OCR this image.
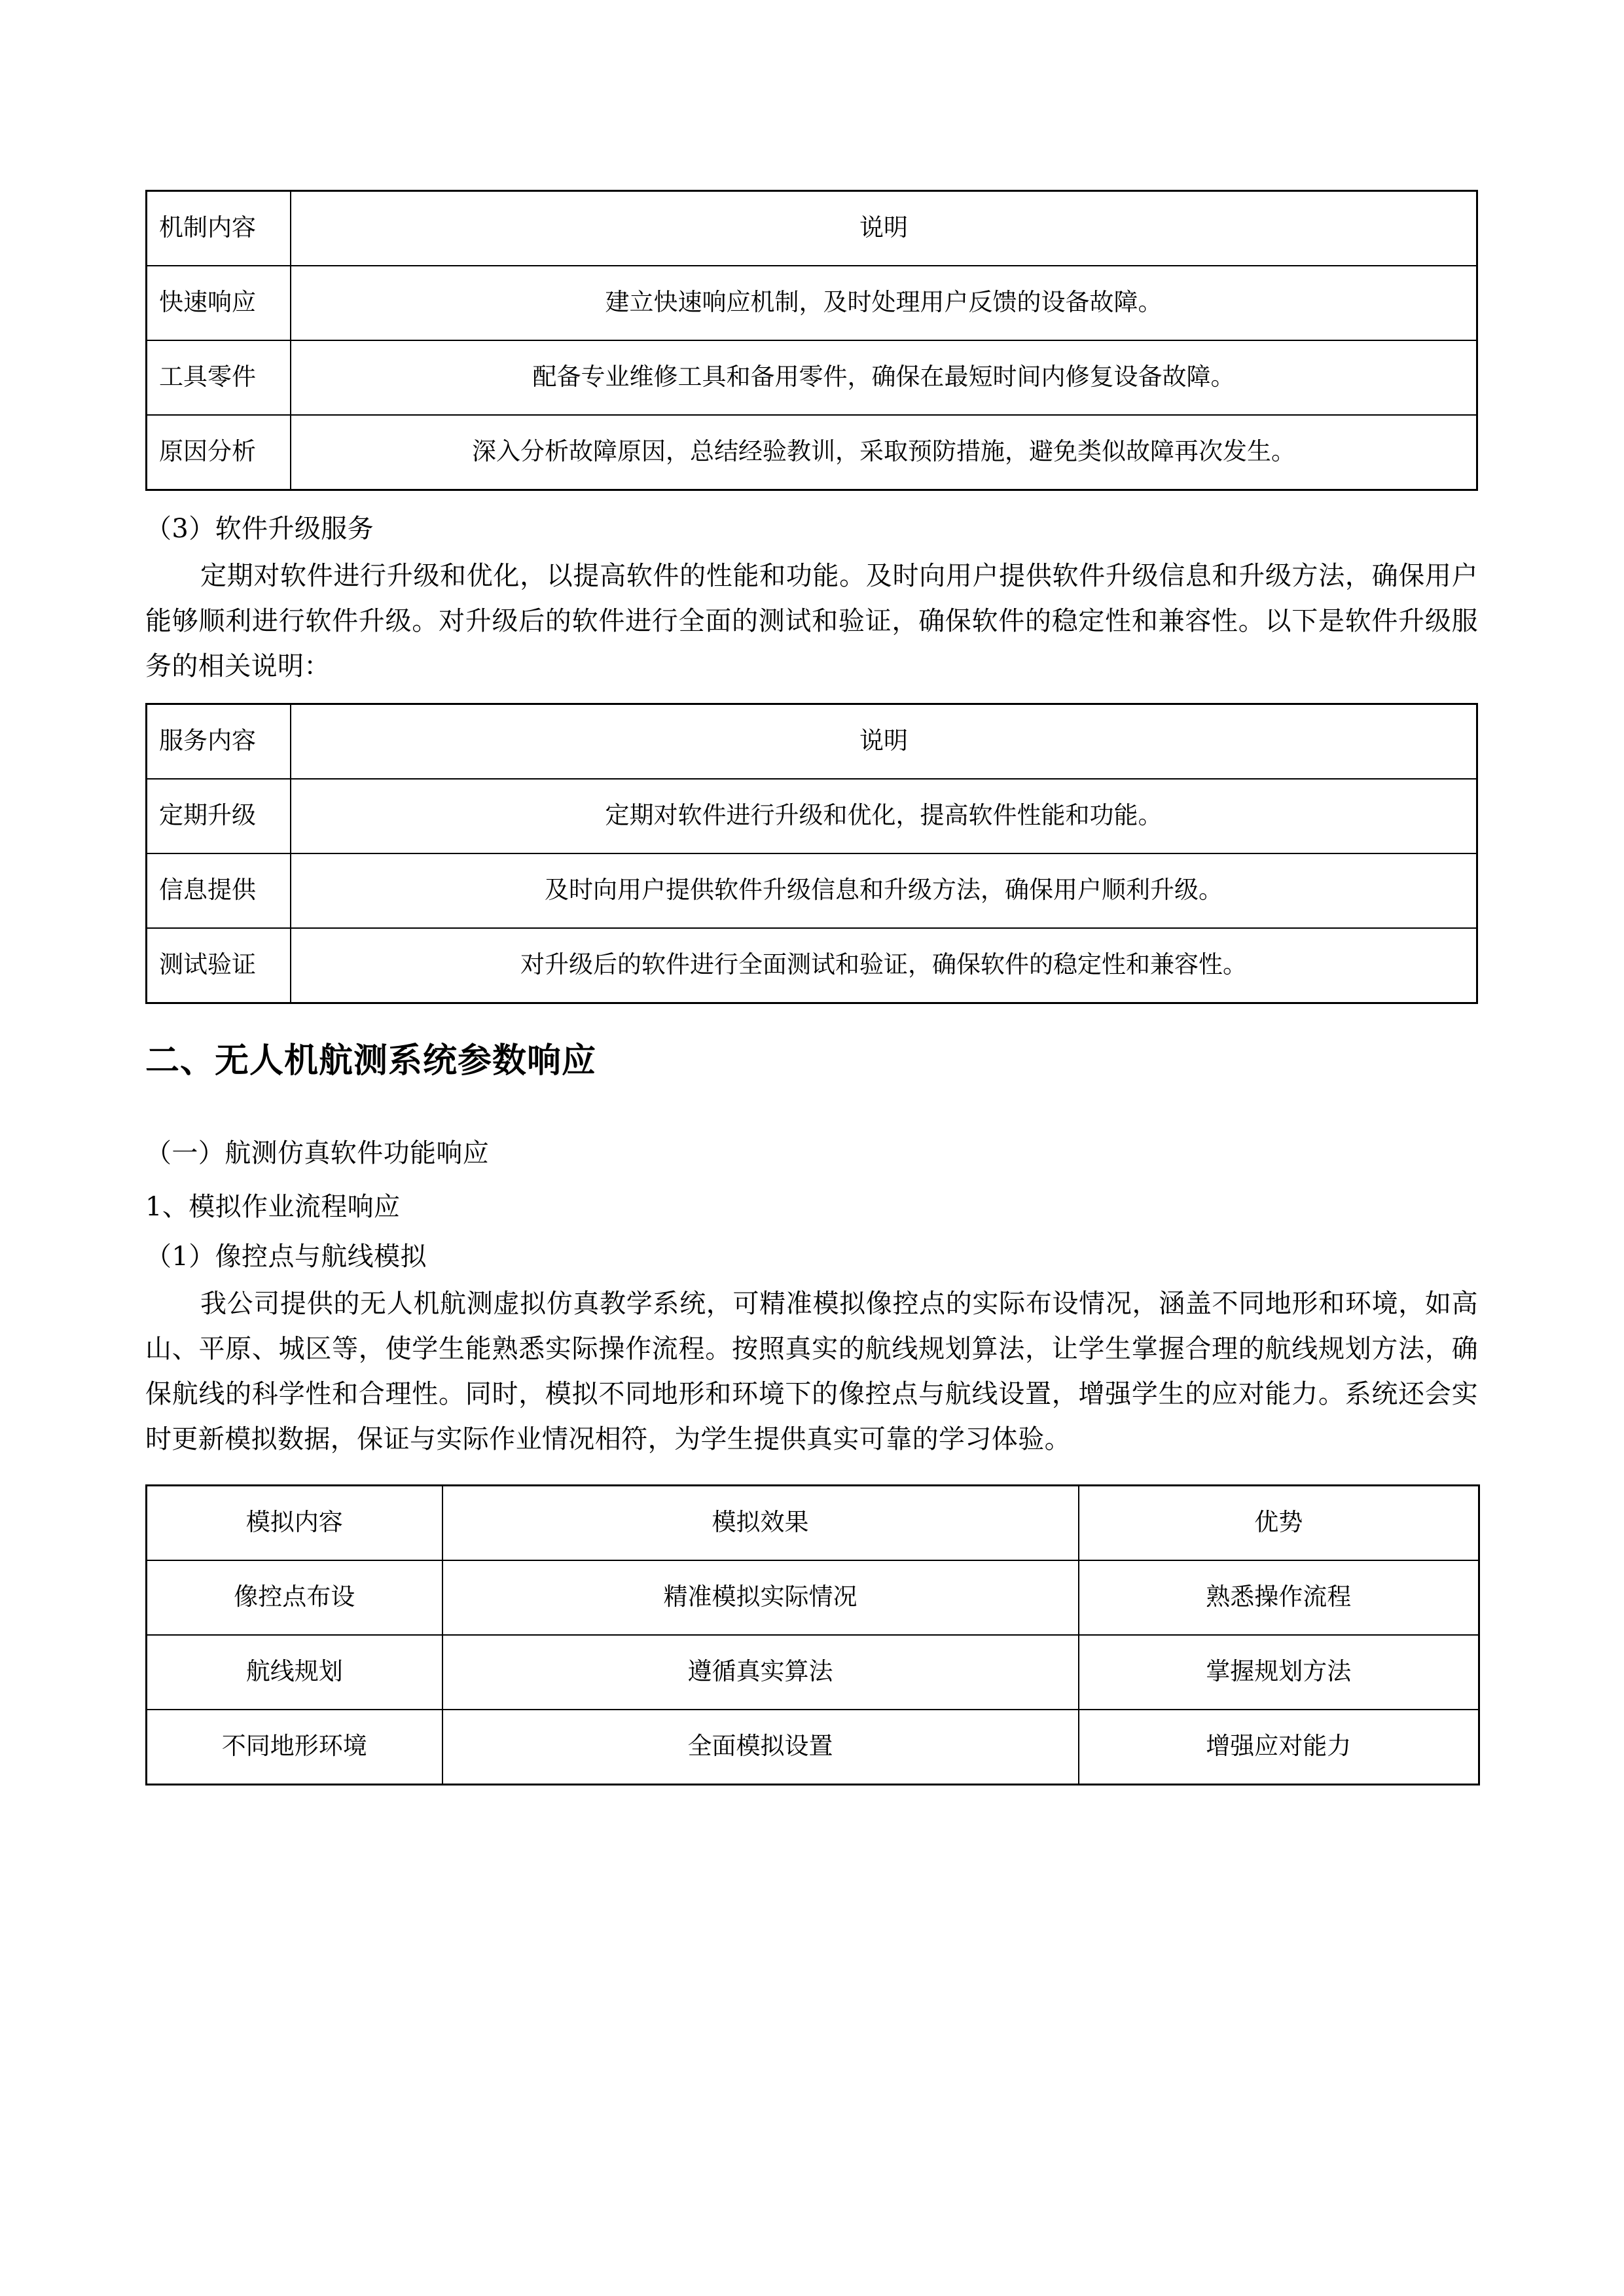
机制内容	说明

快速响应	建立快速响应机制，及时处理用户反馈的设备故障。

工具零件	配备专业维修工具和备用零件，确保在最短时间内修复设备故障。

原因分析	深入分析故障原因，总结经验教训，采取预防措施，避免类似故障再次发生。

（3）软件升级服务

定期对软件进行升级和优化，以提高软件的性能和功能。及时向用户提供软件升级信息和升级方法，确保用户能够顺利进行软件升级。对升级后的软件进行全面的测试和验证，确保软件的稳定性和兼容性。以下是软件升级服务的相关说明：

服务内容	说明

定期升级	定期对软件进行升级和优化，提高软件性能和功能。

信息提供	及时向用户提供软件升级信息和升级方法，确保用户顺利升级。

测试验证	对升级后的软件进行全面测试和验证，确保软件的稳定性和兼容性。
二、无人机航测系统参数响应

（一）航测仿真软件功能响应

1、模拟作业流程响应

（1）像控点与航线模拟

我公司提供的无人机航测虚拟仿真教学系统，可精准模拟像控点的实际布设情况，涵盖不同地形和环境，如高山、平原、城区等，使学生能熟悉实际操作流程。按照真实的航线规划算法，让学生掌握合理的航线规划方法，确保航线的科学性和合理性。同时，模拟不同地形和环境下的像控点与航线设置，增强学生的应对能力。系统还会实时更新模拟数据，保证与实际作业情况相符，为学生提供真实可靠的学习体验。

模拟内容	模拟效果	优势

像控点布设	精准模拟实际情况	熟悉操作流程

航线规划	遵循真实算法	掌握规划方法

不同地形环境	全面模拟设置	增强应对能力
